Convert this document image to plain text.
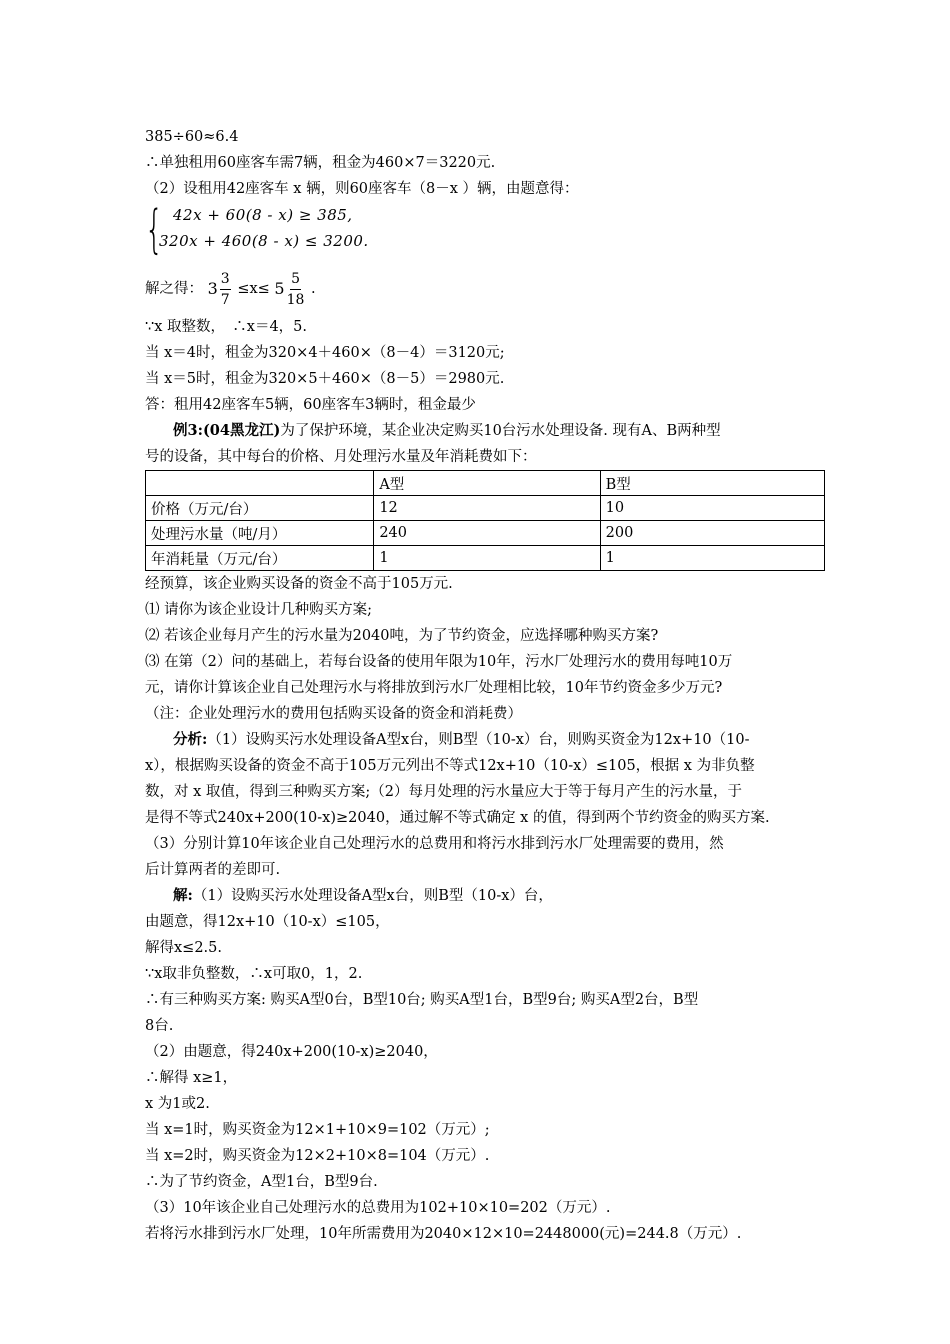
385÷60≈6.4
∴单独租用60座客车需7辆，租金为460×7＝3220元.
（2）设租用42座客车 x 辆，则60座客车（8－x ）辆，由题意得：
{ 42x + 60(8 - x) ≥ 385,
320x + 460(8 - x) ≤ 3200.
解之得： $3 \frac{3}{7} \le x\le 5 \frac{5}{18}$ .
∵x 取整数，　∴x＝4，5.
当 x＝4时，租金为320×4＋460×（8－4）＝3120元;
当 x＝5时，租金为320×5＋460×（8－5）＝2980元.
答：租用42座客车5辆，60座客车3辆时，租金最少
例3:(04黑龙江)为了保护环境，某企业决定购买10台污水处理设备. 现有A、B两种型
号的设备，其中每台的价格、月处理污水量及年消耗费如下：
	A型	B型
价格（万元/台）	12	10
处理污水量（吨/月）	240	200
年消耗量（万元/台）	1	1
经预算，该企业购买设备的资金不高于105万元.
⑴ 请你为该企业设计几种购买方案;
⑵ 若该企业每月产生的污水量为2040吨，为了节约资金，应选择哪种购买方案?
⑶ 在第（2）问的基础上，若每台设备的使用年限为10年，污水厂处理污水的费用每吨10万
元，请你计算该企业自己处理污水与将排放到污水厂处理相比较，10年节约资金多少万元?
（注：企业处理污水的费用包括购买设备的资金和消耗费）
分析:（1）设购买污水处理设备A型x台，则B型（10-x）台，则购买资金为12x+10（10-
x），根据购买设备的资金不高于105万元列出不等式12x+10（10-x）≤105，根据 x 为非负整
数，对 x 取值，得到三种购买方案;（2）每月处理的污水量应大于等于每月产生的污水量，于
是得不等式240x+200(10-x)≥2040，通过解不等式确定 x 的值，得到两个节约资金的购买方案.
（3）分别计算10年该企业自己处理污水的总费用和将污水排到污水厂处理需要的费用，然
后计算两者的差即可.
解:（1）设购买污水处理设备A型x台，则B型（10-x）台，
由题意，得12x+10（10-x）≤105，
解得x≤2.5.
∵x取非负整数，∴x可取0，1，2.
∴有三种购买方案: 购买A型0台，B型10台; 购买A型1台，B型9台; 购买A型2台，B型
8台.
（2）由题意，得240x+200(10-x)≥2040，
∴解得 x≥1，
x 为1或2.
当 x=1时，购买资金为12×1+10×9=102（万元）;
当 x=2时，购买资金为12×2+10×8=104（万元）.
∴为了节约资金，A型1台，B型9台.
（3）10年该企业自己处理污水的总费用为102+10×10=202（万元）.
若将污水排到污水厂处理，10年所需费用为2040×12×10=2448000(元)=244.8（万元）.
